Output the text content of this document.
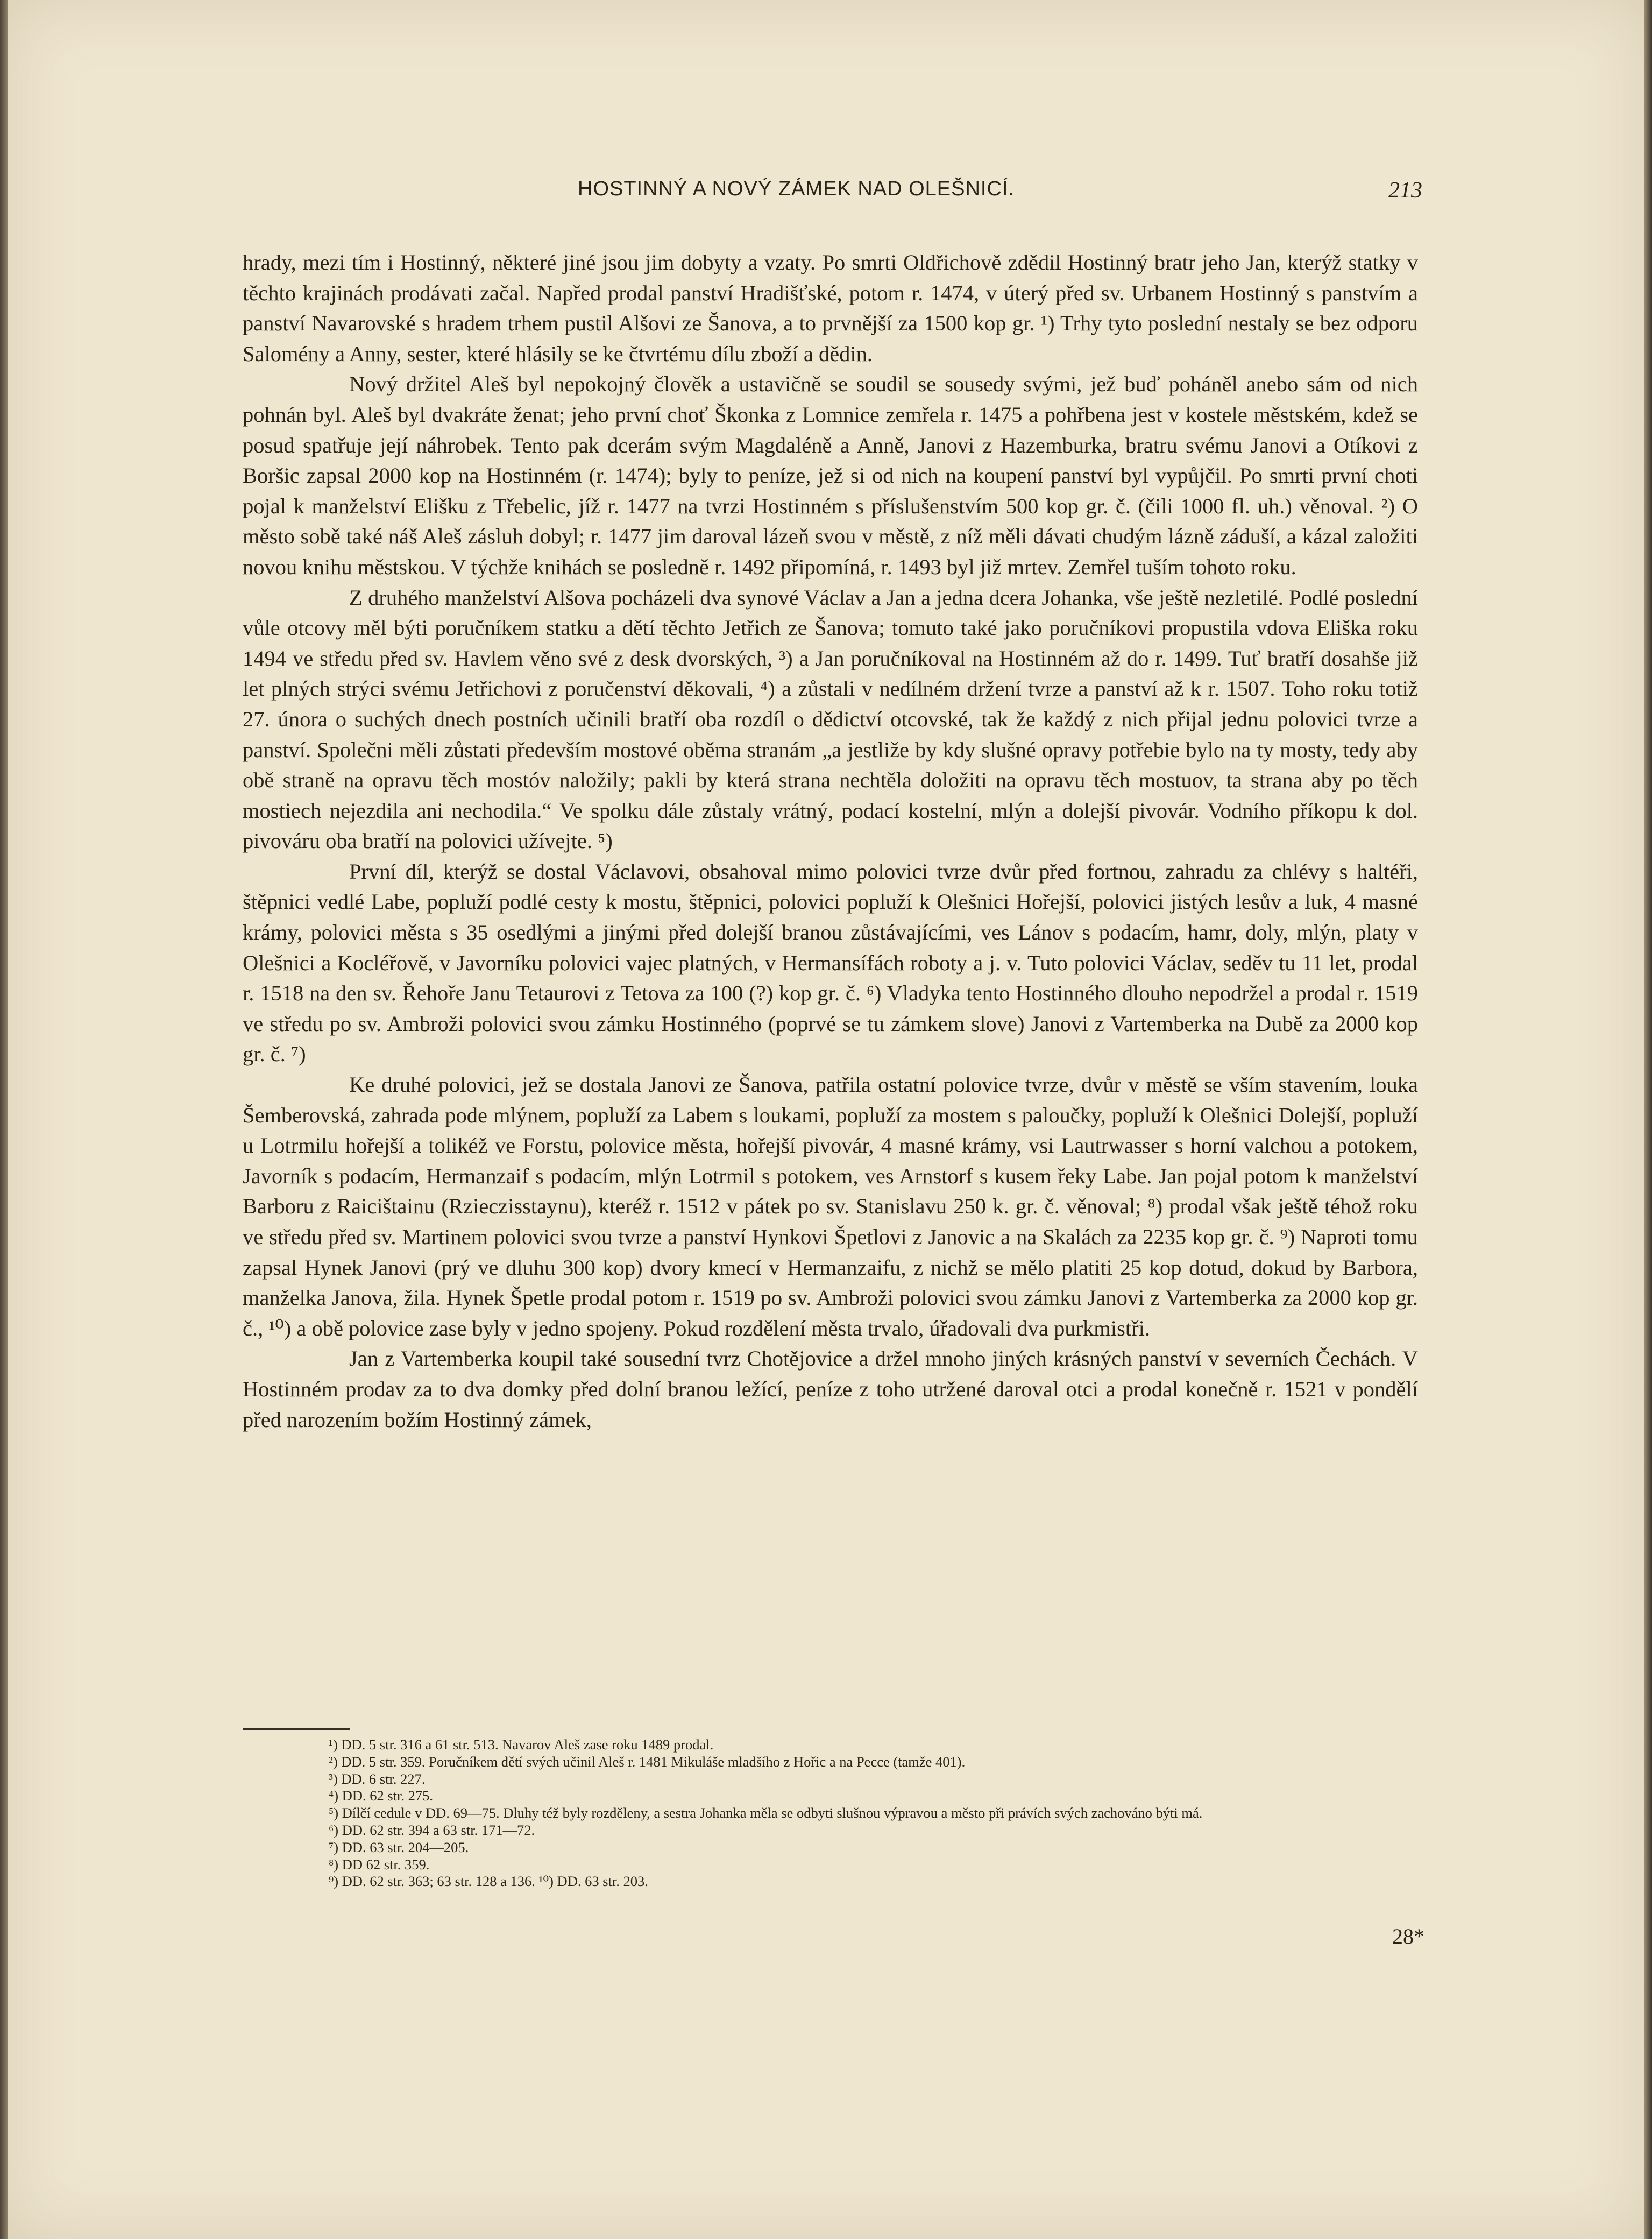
HOSTINNÝ A NOVÝ ZÁMEK NAD OLEŠNICÍ.	213

hrady, mezi tím i Hostinný, některé jiné jsou jim dobyty a vzaty. Po smrti Oldřichově zdědil Hostinný bratr jeho Jan, kterýž statky v těchto krajinách prodávati začal. Napřed prodal panství Hradišťské, potom r. 1474, v úterý před sv. Urbanem Hostinný s panstvím a panství Navarovské s hradem trhem pustil Alšovi ze Šanova, a to prvnější za 1500 kop gr. ¹) Trhy tyto poslední nestaly se bez odporu Salomény a Anny, sester, které hlásily se ke čtvrtému dílu zboží a dědin.

Nový držitel Aleš byl nepokojný člověk a ustavičně se soudil se sousedy svými, jež buď poháněl anebo sám od nich pohnán byl. Aleš byl dvakráte ženat; jeho první choť Škonka z Lomnice zemřela r. 1475 a pohřbena jest v kostele městském, kdež se posud spatřuje její náhrobek. Tento pak dcerám svým Magdaléně a Anně, Janovi z Hazemburka, bratru svému Janovi a Otíkovi z Boršic zapsal 2000 kop na Hostinném (r. 1474); byly to peníze, jež si od nich na koupení panství byl vypůjčil. Po smrti první choti pojal k manželství Elišku z Třebelic, jíž r. 1477 na tvrzi Hostinném s příslušenstvím 500 kop gr. č. (čili 1000 fl. uh.) věnoval. ²) O město sobě také náš Aleš zásluh dobyl; r. 1477 jim daroval lázeň svou v městě, z níž měli dávati chudým lázně záduší, a kázal založiti novou knihu městskou. V týchže knihách se posledně r. 1492 připomíná, r. 1493 byl již mrtev. Zemřel tuším tohoto roku.

Z druhého manželství Alšova pocházeli dva synové Václav a Jan a jedna dcera Johanka, vše ještě nezletilé. Podlé poslední vůle otcovy měl býti poručníkem statku a dětí těchto Jetřich ze Šanova; tomuto také jako poručníkovi propustila vdova Eliška roku 1494 ve středu před sv. Havlem věno své z desk dvorských, ³) a Jan poručníkoval na Hostinném až do r. 1499. Tuť bratří dosahše již let plných strýci svému Jetřichovi z poručenství děkovali, ⁴) a zůstali v nedílném držení tvrze a panství až k r. 1507. Toho roku totiž 27. února o suchých dnech postních učinili bratří oba rozdíl o dědictví otcovské, tak že každý z nich přijal jednu polovici tvrze a panství. Společni měli zůstati především mostové oběma stranám „a jestliže by kdy slušné opravy potřebie bylo na ty mosty, tedy aby obě straně na opravu těch mostóv naložily; pakli by která strana nechtěla doložiti na opravu těch mostuov, ta strana aby po těch mostiech nejezdila ani nechodila.“ Ve spolku dále zůstaly vrátný, podací kostelní, mlýn a dolejší pivovár. Vodního příkopu k dol. pivováru oba bratří na polovici užívejte. ⁵)

První díl, kterýž se dostal Václavovi, obsahoval mimo polovici tvrze dvůr před fortnou, zahradu za chlévy s haltéři, štěpnici vedlé Labe, popluží podlé cesty k mostu, štěpnici, polovici popluží k Olešnici Hořejší, polovici jistých lesův a luk, 4 masné krámy, polovici města s 35 osedlými a jinými před dolejší branou zůstávajícími, ves Lánov s podacím, hamr, doly, mlýn, platy v Olešnici a Kocléřově, v Javorníku polovici vajec platných, v Hermansífách roboty a j. v. Tuto polovici Václav, seděv tu 11 let, prodal r. 1518 na den sv. Řehoře Janu Tetaurovi z Tetova za 100 (?) kop gr. č. ⁶) Vladyka tento Hostinného dlouho nepodržel a prodal r. 1519 ve středu po sv. Ambroži polovici svou zámku Hostinného (poprvé se tu zámkem slove) Janovi z Vartemberka na Dubě za 2000 kop gr. č. ⁷)

Ke druhé polovici, jež se dostala Janovi ze Šanova, patřila ostatní polovice tvrze, dvůr v městě se vším stavením, louka Šemberovská, zahrada pode mlýnem, popluží za Labem s loukami, popluží za mostem s paloučky, popluží k Olešnici Dolejší, popluží u Lotrmilu hořejší a tolikéž ve Forstu, polovice města, hořejší pivovár, 4 masné krámy, vsi Lautrwasser s horní valchou a potokem, Javorník s podacím, Hermanzaif s podacím, mlýn Lotrmil s potokem, ves Arnstorf s kusem řeky Labe. Jan pojal potom k manželství Barboru z Raicištainu (Rzieczisstaynu), kteréž r. 1512 v pátek po sv. Stanislavu 250 k. gr. č. věnoval; ⁸) prodal však ještě téhož roku ve středu před sv. Martinem polovici svou tvrze a panství Hynkovi Špetlovi z Janovic a na Skalách za 2235 kop gr. č. ⁹) Naproti tomu zapsal Hynek Janovi (prý ve dluhu 300 kop) dvory kmecí v Hermanzaifu, z nichž se mělo platiti 25 kop dotud, dokud by Barbora, manželka Janova, žila. Hynek Špetle prodal potom r. 1519 po sv. Ambroži polovici svou zámku Janovi z Vartemberka za 2000 kop gr. č., ¹⁰) a obě polovice zase byly v jedno spojeny. Pokud rozdělení města trvalo, úřadovali dva purkmistři.

Jan z Vartemberka koupil také sousední tvrz Chotějovice a držel mnoho jiných krásných panství v severních Čechách. V Hostinném prodav za to dva domky před dolní branou ležící, peníze z toho utržené daroval otci a prodal konečně r. 1521 v pondělí před narozením božím Hostinný zámek,

¹) DD. 5 str. 316 a 61 str. 513. Navarov Aleš zase roku 1489 prodal.

²) DD. 5 str. 359. Poručníkem dětí svých učinil Aleš r. 1481 Mikuláše mladšího z Hořic a na Pecce (tamže 401).

³) DD. 6 str. 227.

⁴) DD. 62 str. 275.

⁵) Dílčí cedule v DD. 69—75. Dluhy též byly rozděleny, a sestra Johanka měla se odbyti slušnou výpravou a město při právích svých zachováno býti má.

⁶) DD. 62 str. 394 a 63 str. 171—72.

⁷) DD. 63 str. 204—205.

⁸) DD 62 str. 359.

⁹) DD. 62 str. 363; 63 str. 128 a 136. ¹⁰) DD. 63 str. 203.

28*
